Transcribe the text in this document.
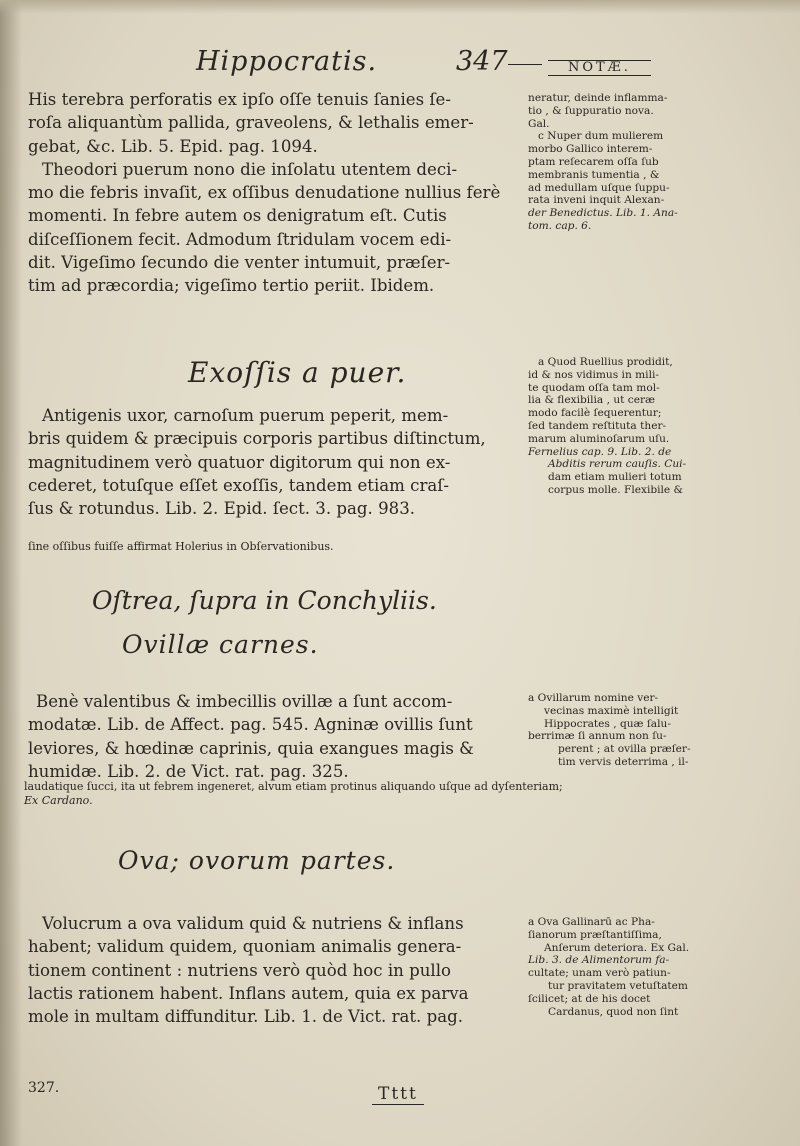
Hippocratis.	347	NOTÆ.
His terebra perforatis ex ipſo oſſe tenuis ſanies ſe-
roſa aliquantùm pallida, graveolens, & lethalis emer-
gebat, &c. Lib. 5. Epid. pag. 1094.
Theodori puerum nono die inſolatu utentem deci-
mo die febris invaſit, ex oſſibus denudatione nullius ferè
momenti. In febre autem os denigratum eſt. Cutis
diſceſſionem fecit. Admodum ſtridulam vocem edi-
dit. Vigeſimo ſecundo die venter intumuit, præſer-
tim ad præcordia; vigeſimo tertio periit. Ibidem.
neratur, deinde inflamma-
tio , & ſuppuratio nova.
Gal.
c Nuper dum mulierem
morbo Gallico interem-
ptam reſecarem oſſa ſub
membranis tumentia , &
ad medullam uſque ſuppu-
rata inveni inquit Alexan-
der Benedictus. Lib. 1. Ana-
tom. cap. 6.
Exoſſis a puer.
Antigenis uxor, carnoſum puerum peperit, mem-
bris quidem & præcipuis corporis partibus diſtinctum,
magnitudinem verò quatuor digitorum qui non ex-
cederet, totuſque eſſet exoſſis, tandem etiam craſ-
ſus & rotundus. Lib. 2. Epid. ſect. 3. pag. 983.
ſine oſſibus fuiſſe affirmat Holerius in Obſervationibus.
a Quod Ruellius prodidit,
id & nos vidimus in mili-
te quodam oſſa tam mol-
lia & flexibilia , ut ceræ
modo facilè ſequerentur;
ſed tandem reſtituta ther-
marum aluminoſarum uſu.
Fernelius cap. 9. Lib. 2. de
Abditis rerum cauſis. Cui-
dam etiam mulieri totum
corpus molle. Flexibile &
Oſtrea, ſupra in Conchyliis.
Ovillæ carnes.
Benè valentibus & imbecillis ovillæ a ſunt accom-
modatæ. Lib. de Affect. pag. 545. Agninæ ovillis ſunt
leviores, & hœdinæ caprinis, quia exangues magis &
humidæ. Lib. 2. de Vict. rat. pag. 325.
laudatique ſucci, ita ut febrem ingeneret, alvum etiam protinus aliquando uſque ad dyſenteriam;
Ex Cardano.
a Ovillarum nomine ver-
vecinas maximè intelligit
Hippocrates , quæ ſalu-
berrimæ ſi annum non ſu-
perent ; at ovilla præſer-
tim vervis deterrima , il-
Ova; ovorum partes.
Volucrum a ova validum quid & nutriens & inflans
habent; validum quidem, quoniam animalis genera-
tionem continent : nutriens verò quòd hoc in pullo
lactis rationem habent. Inflans autem, quia ex parva
mole in multam diffunditur. Lib. 1. de Vict. rat. pag.
327.
a Ova Gallinarū ac Pha-
ſianorum præſtantiſſima,
Anſerum deteriora. Ex Gal.
Lib. 3. de Alimentorum fa-
cultate; unam verò patiun-
tur pravitatem vetuſtatem
ſcilicet; at de his docet
Cardanus, quod non ſint
Tttt
